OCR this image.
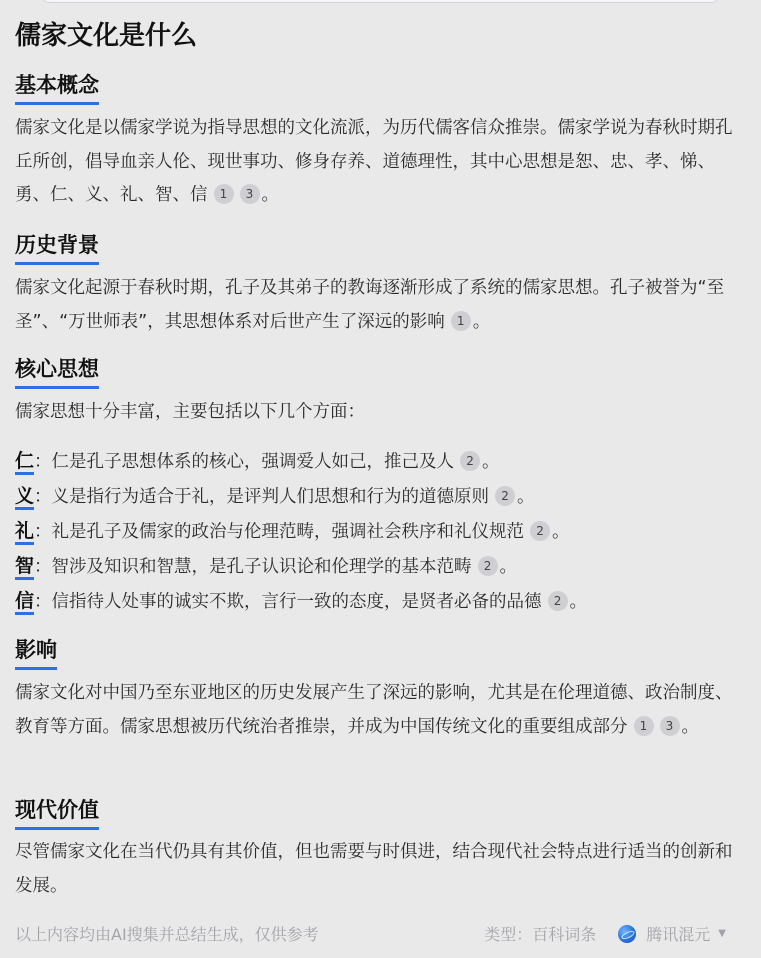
儒家文化是什么
基本概念

儒家文化是以儒家学说为指导思想的文化流派，为历代儒客信众推崇。儒家学说为春秋时期孔丘所创，倡导血亲人伦、现世事功、修身存养、道德理性，其中心思想是恕、忠、孝、悌、勇、仁、义、礼、智、信 1 3 。

历史背景

儒家文化起源于春秋时期，孔子及其弟子的教诲逐渐形成了系统的儒家思想。孔子被誉为“至圣”、“万世师表”，其思想体系对后世产生了深远的影响 1 。

核心思想

儒家思想十分丰富，主要包括以下几个方面：

仁：仁是孔子思想体系的核心，强调爱人如己，推己及人 2 。
义：义是指行为适合于礼，是评判人们思想和行为的道德原则 2 。
礼：礼是孔子及儒家的政治与伦理范畴，强调社会秩序和礼仪规范 2 。
智：智涉及知识和智慧，是孔子认识论和伦理学的基本范畴 2 。
信：信指待人处事的诚实不欺，言行一致的态度，是贤者必备的品德 2 。
影响

儒家文化对中国乃至东亚地区的历史发展产生了深远的影响，尤其是在伦理道德、政治制度、教育等方面。儒家思想被历代统治者推崇，并成为中国传统文化的重要组成部分 1 3 。

现代价值

尽管儒家文化在当代仍具有其价值，但也需要与时俱进，结合现代社会特点进行适当的创新和发展。

以上内容均由AI搜集并总结生成，仅供参考	类型： 百科词条	腾讯混元 ▼
